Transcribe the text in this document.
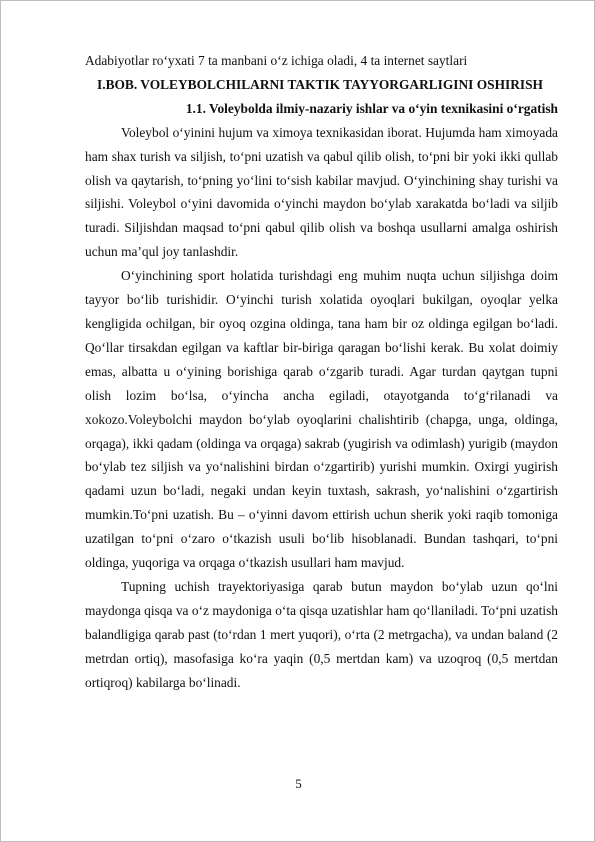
Adabiyotlar ro‘yxati 7 ta manbani o‘z ichiga oladi, 4 ta internet saytlari
I.BOB. VOLEYBOLCHILARNI TAKTIK TAYYORGARLIGINI OSHIRISH
1.1. Voleybolda ilmiy-nazariy ishlar va o‘yin texnikasini o‘rgatish

Voleybol o‘yinini hujum va ximoya texnikasidan iborat. Hujumda ham ximoyada ham shax turish va siljish, to‘pni uzatish va qabul qilib olish, to‘pni bir yoki ikki qullab olish va qaytarish, to‘pning yo‘lini to‘sish kabilar mavjud. O‘yinchining shay turishi va siljishi. Voleybol o‘yini davomida o‘yinchi maydon bo‘ylab xarakatda bo‘ladi va siljib turadi. Siljishdan maqsad to‘pni qabul qilib olish va boshqa usullarni amalga oshirish uchun ma’qul joy tanlashdir.

O‘yinchining sport holatida turishdagi eng muhim nuqta uchun siljishga doim tayyor bo‘lib turishidir. O‘yinchi turish xolatida oyoqlari bukilgan, oyoqlar yelka kengligida ochilgan, bir oyoq ozgina oldinga, tana ham bir oz oldinga egilgan bo‘ladi. Qo‘llar tirsakdan egilgan va kaftlar bir-biriga qaragan bo‘lishi kerak. Bu xolat doimiy emas, albatta u o‘yining borishiga qarab o‘zgarib turadi. Agar turdan qaytgan tupni olish lozim bo‘lsa, o‘yincha ancha egiladi, otayotganda to‘g‘rilanadi va xokozo.Voleybolchi maydon bo‘ylab oyoqlarini chalishtirib (chapga, unga, oldinga, orqaga), ikki qadam (oldinga va orqaga) sakrab (yugirish va odimlash) yurigib (maydon bo‘ylab tez siljish va yo‘nalishini birdan o‘zgartirib) yurishi mumkin. Oxirgi yugirish qadami uzun bo‘ladi, negaki undan keyin tuxtash, sakrash, yo‘nalishini o‘zgartirish mumkin.To‘pni uzatish. Bu – o‘yinni davom ettirish uchun sherik yoki raqib tomoniga uzatilgan to‘pni o‘zaro o‘tkazish usuli bo‘lib hisoblanadi. Bundan tashqari, to‘pni oldinga, yuqoriga va orqaga o‘tkazish usullari ham mavjud.

Tupning uchish trayektoriyasiga qarab butun maydon bo‘ylab uzun qo‘lni maydonga qisqa va o‘z maydoniga o‘ta qisqa uzatishlar ham qo‘llaniladi. To‘pni uzatish balandligiga qarab past (to‘rdan 1 mert yuqori), o‘rta (2 metrgacha), va undan baland (2 metrdan ortiq), masofasiga ko‘ra yaqin (0,5 mertdan kam) va uzoqroq (0,5 mertdan ortiqroq) kabilarga bo‘linadi.

5
